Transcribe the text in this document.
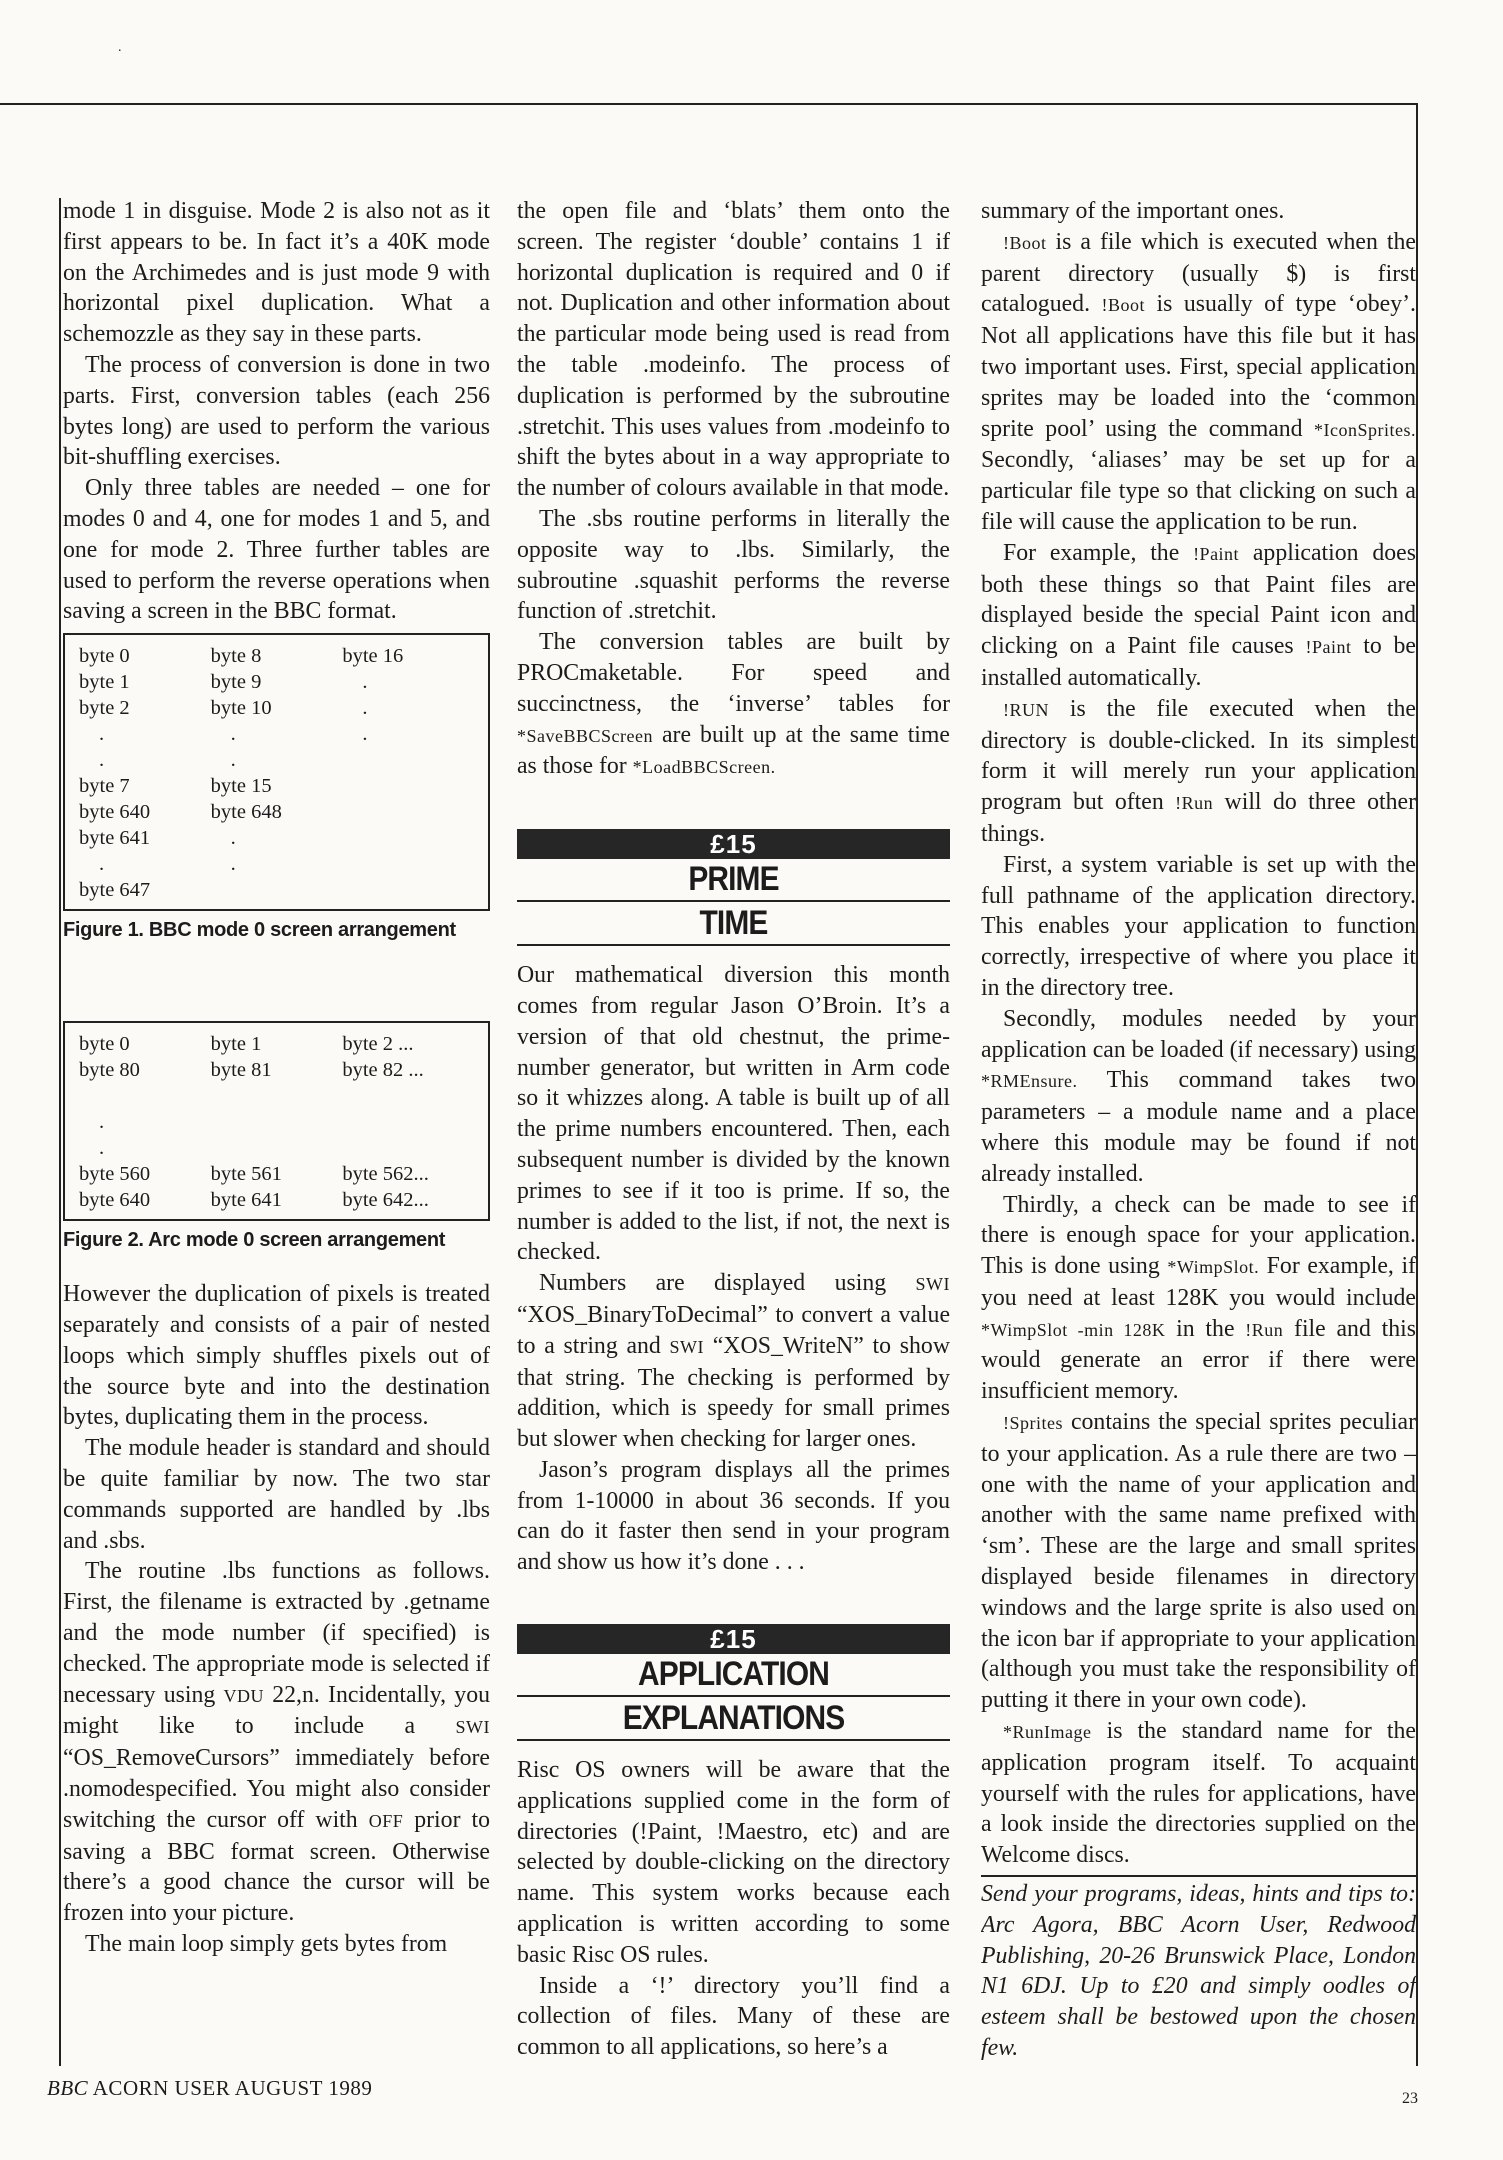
.

mode 1 in disguise. Mode 2 is also not as it first appears to be. In fact it’s a 40K mode on the Archimedes and is just mode 9 with horizontal pixel duplication. What a schemozzle as they say in these parts.

The process of conversion is done in two parts. First, conversion tables (each 256 bytes long) are used to perform the various bit-shuffling exercises.

Only three tables are needed – one for modes 0 and 4, one for modes 1 and 5, and one for mode 2. Three further tables are used to perform the reverse operations when saving a screen in the BBC format.

byte 0	byte 8	byte 16
byte 1	byte 9	.
byte 2	byte 10	.
.	.	.
.	.

byte 7	byte 15

byte 640	byte 648

byte 641	.

.	.

byte 647

Figure 1. BBC mode 0 screen arrangement
byte 0	byte 1	byte 2 ...
byte 80	byte 81	byte 82 ...

.

.

byte 560	byte 561	byte 562...
byte 640	byte 641	byte 642...
Figure 2. Arc mode 0 screen arrangement

However the duplication of pixels is treated separately and consists of a pair of nested loops which simply shuffles pixels out of the source byte and into the destination bytes, duplicating them in the process.

The module header is standard and should be quite familiar by now. The two star commands supported are handled by .lbs and .sbs.

The routine .lbs functions as follows. First, the filename is extracted by .getname and the mode number (if specified) is checked. The appropriate mode is selected if necessary using VDU 22,n. Incidentally, you might like to include a SWI “OS_RemoveCursors” immediately before .nomodespecified. You might also consider switching the cursor off with OFF prior to saving a BBC format screen. Otherwise there’s a good chance the cursor will be frozen into your picture.

The main loop simply gets bytes from

the open file and ‘blats’ them onto the screen. The register ‘double’ contains 1 if horizontal duplication is required and 0 if not. Duplication and other information about the particular mode being used is read from the table .modeinfo. The process of duplication is performed by the subroutine .stretchit. This uses values from .modeinfo to shift the bytes about in a way appropriate to the number of colours available in that mode.

The .sbs routine performs in literally the opposite way to .lbs. Similarly, the subroutine .squashit performs the reverse function of .stretchit.

The conversion tables are built by PROCmaketable. For speed and succinctness, the ‘inverse’ tables for *SaveBBCScreen are built up at the same time as those for *LoadBBCScreen.

£15
PRIME
TIME

Our mathematical diversion this month comes from regular Jason O’Broin. It’s a version of that old chestnut, the prime-number generator, but written in Arm code so it whizzes along. A table is built up of all the prime numbers encountered. Then, each subsequent number is divided by the known primes to see if it too is prime. If so, the number is added to the list, if not, the next is checked.

Numbers are displayed using SWI “XOS_BinaryToDecimal” to convert a value to a string and SWI “XOS_WriteN” to show that string. The checking is performed by addition, which is speedy for small primes but slower when checking for larger ones.

Jason’s program displays all the primes from 1-10000 in about 36 seconds. If you can do it faster then send in your program and show us how it’s done . . .

£15
APPLICATION
EXPLANATIONS

Risc OS owners will be aware that the applications supplied come in the form of directories (!Paint, !Maestro, etc) and are selected by double-clicking on the directory name. This system works because each application is written according to some basic Risc OS rules.

Inside a ‘!’ directory you’ll find a collection of files. Many of these are common to all applications, so here’s a

summary of the important ones.

!Boot is a file which is executed when the parent directory (usually $) is first catalogued. !Boot is usually of type ‘obey’. Not all applications have this file but it has two important uses. First, special application sprites may be loaded into the ‘common sprite pool’ using the command *IconSprites. Secondly, ‘aliases’ may be set up for a particular file type so that clicking on such a file will cause the application to be run.

For example, the !Paint application does both these things so that Paint files are displayed beside the special Paint icon and clicking on a Paint file causes !Paint to be installed automatically.

!RUN is the file executed when the directory is double-clicked. In its simplest form it will merely run your application program but often !Run will do three other things.

First, a system variable is set up with the full pathname of the application directory. This enables your application to function correctly, irrespective of where you place it in the directory tree.

Secondly, modules needed by your application can be loaded (if necessary) using *RMEnsure. This command takes two parameters – a module name and a place where this module may be found if not already installed.

Thirdly, a check can be made to see if there is enough space for your application. This is done using *WimpSlot. For example, if you need at least 128K you would include *WimpSlot -min 128K in the !Run file and this would generate an error if there were insufficient memory.

!Sprites contains the special sprites peculiar to your application. As a rule there are two – one with the name of your application and another with the same name prefixed with ‘sm’. These are the large and small sprites displayed beside filenames in directory windows and the large sprite is also used on the icon bar if appropriate to your application (although you must take the responsibility of putting it there in your own code).

*RunImage is the standard name for the application program itself. To acquaint yourself with the rules for applications, have a look inside the directories supplied on the Welcome discs.

Send your programs, ideas, hints and tips to: Arc Agora, BBC Acorn User, Redwood Publishing, 20-26 Brunswick Place, London N1 6DJ. Up to £20 and simply oodles of esteem shall be bestowed upon the chosen few.
BBC ACORN USER AUGUST 1989	23
